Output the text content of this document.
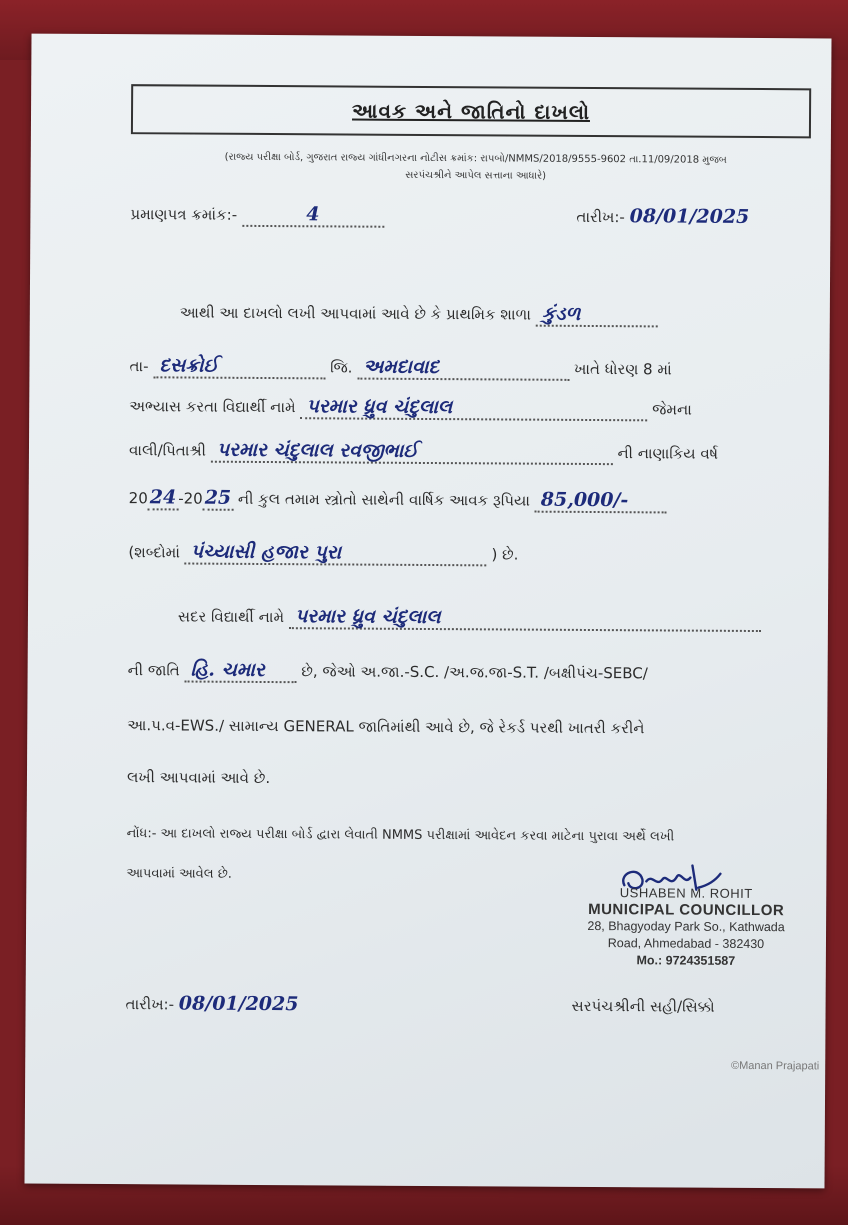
આવક અને જાતિનો દાખલો
(રાજ્ય પરીક્ષા બોર્ડ, ગુજરાત રાજ્ય ગાંધીનગરના નોટીસ ક્રમાંક: રાપબો/NMMS/2018/9555-9602 તા.11/09/2018 મુજબ
સરપંચશ્રીને આપેલ સત્તાના આધારે)
પ્રમાણપત્ર ક્રમાંક:-	4	તારીખ:- 08/01/2025
આથી આ દાખલો લખી આપવામાં આવે છે કે પ્રાથમિક શાળા કુંડળ
તા- દસક્રોઈ	જિ. અમદાવાદ	ખાતે ધોરણ 8 માં
અભ્યાસ કરતા વિદ્યાર્થી નામે પરમાર ધ્રુવ ચંદુલાલ	જેમના
વાલી/પિતાશ્રી પરમાર ચંદુલાલ રવજીભાઈ	ની નાણાકિય વર્ષ
2024 -2025 ની કુલ તમામ સ્ત્રોતો સાથેની વાર્ષિક આવક રૂપિયા 85,000/-
(શબ્દોમાં પંચ્યાસી હજાર પુરા	) છે.
સદર વિદ્યાર્થી નામે પરમાર ધ્રુવ ચંદુલાલ
ની જાતિ હિ. ચમાર છે, જેઓ અ.જા.-S.C. /અ.જ.જા-S.T. /બક્ષીપંચ-SEBC/
આ.પ.વ-EWS./ સામાન્ય GENERAL જાતિમાંથી આવે છે, જે રેકર્ડ પરથી ખાતરી કરીને
લખી આપવામાં આવે છે.
નોંધ:- આ દાખલો રાજ્ય પરીક્ષા બોર્ડ દ્વારા લેવાતી NMMS પરીક્ષામાં આવેદન કરવા માટેના પુરાવા અર્થે લખી
આપવામાં આવેલ છે.
USHABEN M. ROHIT
MUNICIPAL COUNCILLOR
28, Bhagyoday Park So., Kathwada
Road, Ahmedabad - 382430
Mo.: 9724351587
તારીખ:- 08/01/2025	સરપંચશ્રીની સહી/સિક્કો
©Manan Prajapati
